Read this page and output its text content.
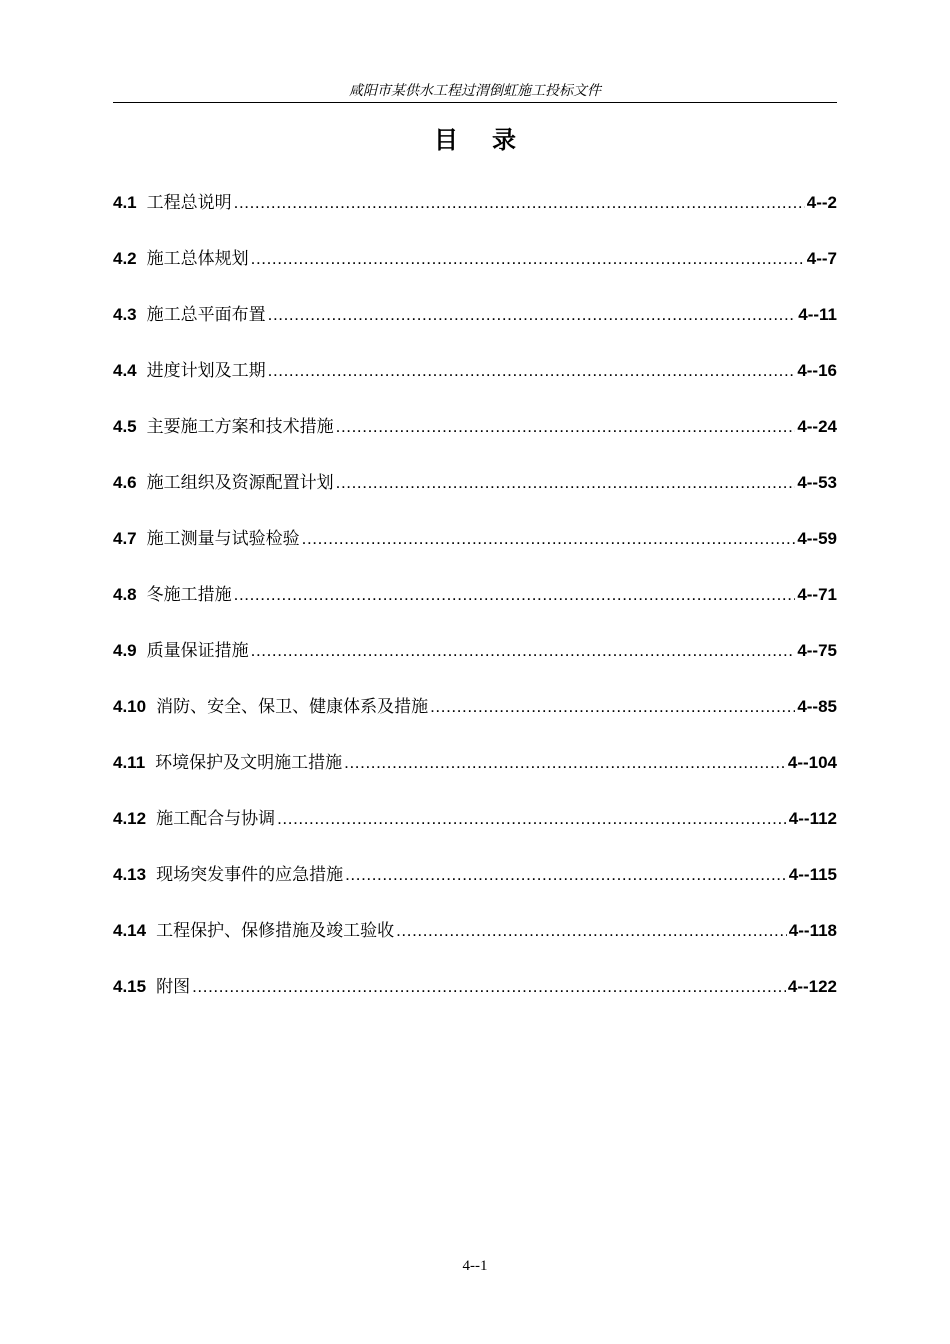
咸阳市某供水工程过渭倒虹施工投标文件
目录
4.1 工程总说明 .....	4--2
4.2 施工总体规划 .....	4--7
4.3 施工总平面布置 .....	4--11
4.4 进度计划及工期 .....	4--16
4.5 主要施工方案和技术措施 .....	4--24
4.6 施工组织及资源配置计划 .....	4--53
4.7 施工测量与试验检验 .....	4--59
4.8 冬施工措施 .....	4--71
4.9 质量保证措施 .....	4--75
4.10 消防、安全、保卫、健康体系及措施 .....	4--85
4.11 环境保护及文明施工措施 .....	4--104
4.12 施工配合与协调 .....	4--112
4.13 现场突发事件的应急措施 .....	4--115
4.14 工程保护、保修措施及竣工验收 .....	4--118
4.15 附图 .....	4--122
4--1
